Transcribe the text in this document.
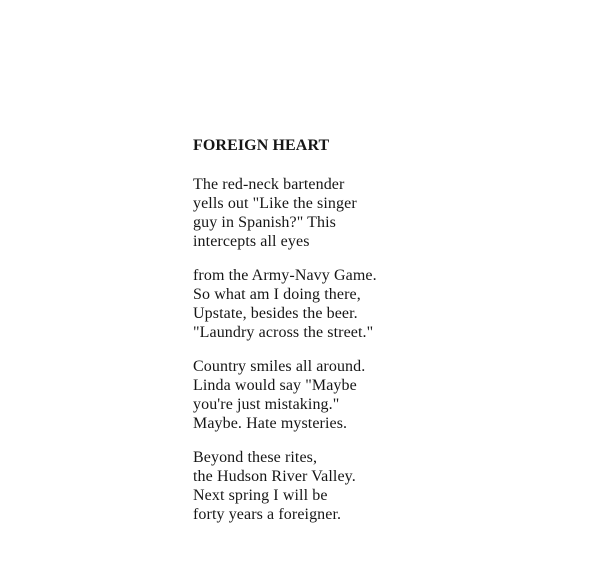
FOREIGN HEART
The red-neck bartender
yells out "Like the singer
guy in Spanish?" This
intercepts all eyes
from the Army-Navy Game.
So what am I doing there,
Upstate, besides the beer.
"Laundry across the street."
Country smiles all around.
Linda would say "Maybe
you're just mistaking."
Maybe. Hate mysteries.
Beyond these rites,
the Hudson River Valley.
Next spring I will be
forty years a foreigner.
